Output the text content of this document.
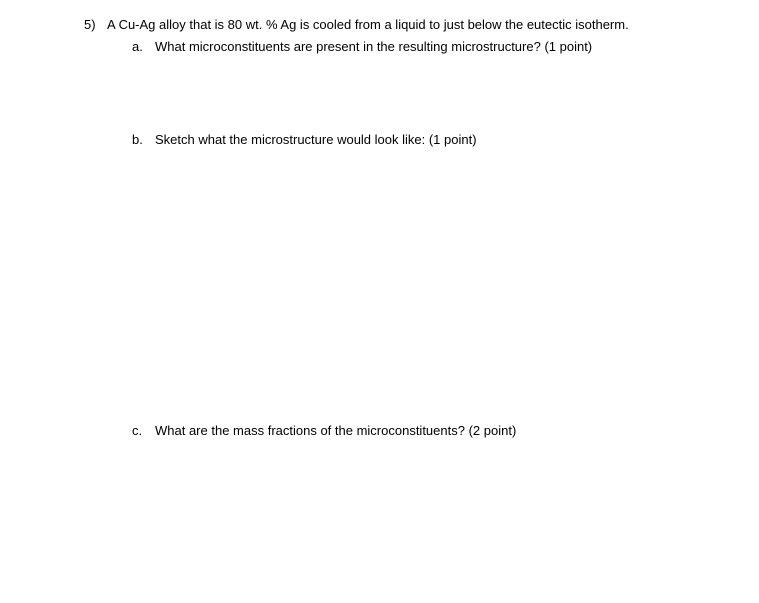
5) A Cu-Ag alloy that is 80 wt. % Ag is cooled from a liquid to just below the eutectic isotherm.
a. What microconstituents are present in the resulting microstructure? (1 point)
b. Sketch what the microstructure would look like: (1 point)
c. What are the mass fractions of the microconstituents? (2 point)
